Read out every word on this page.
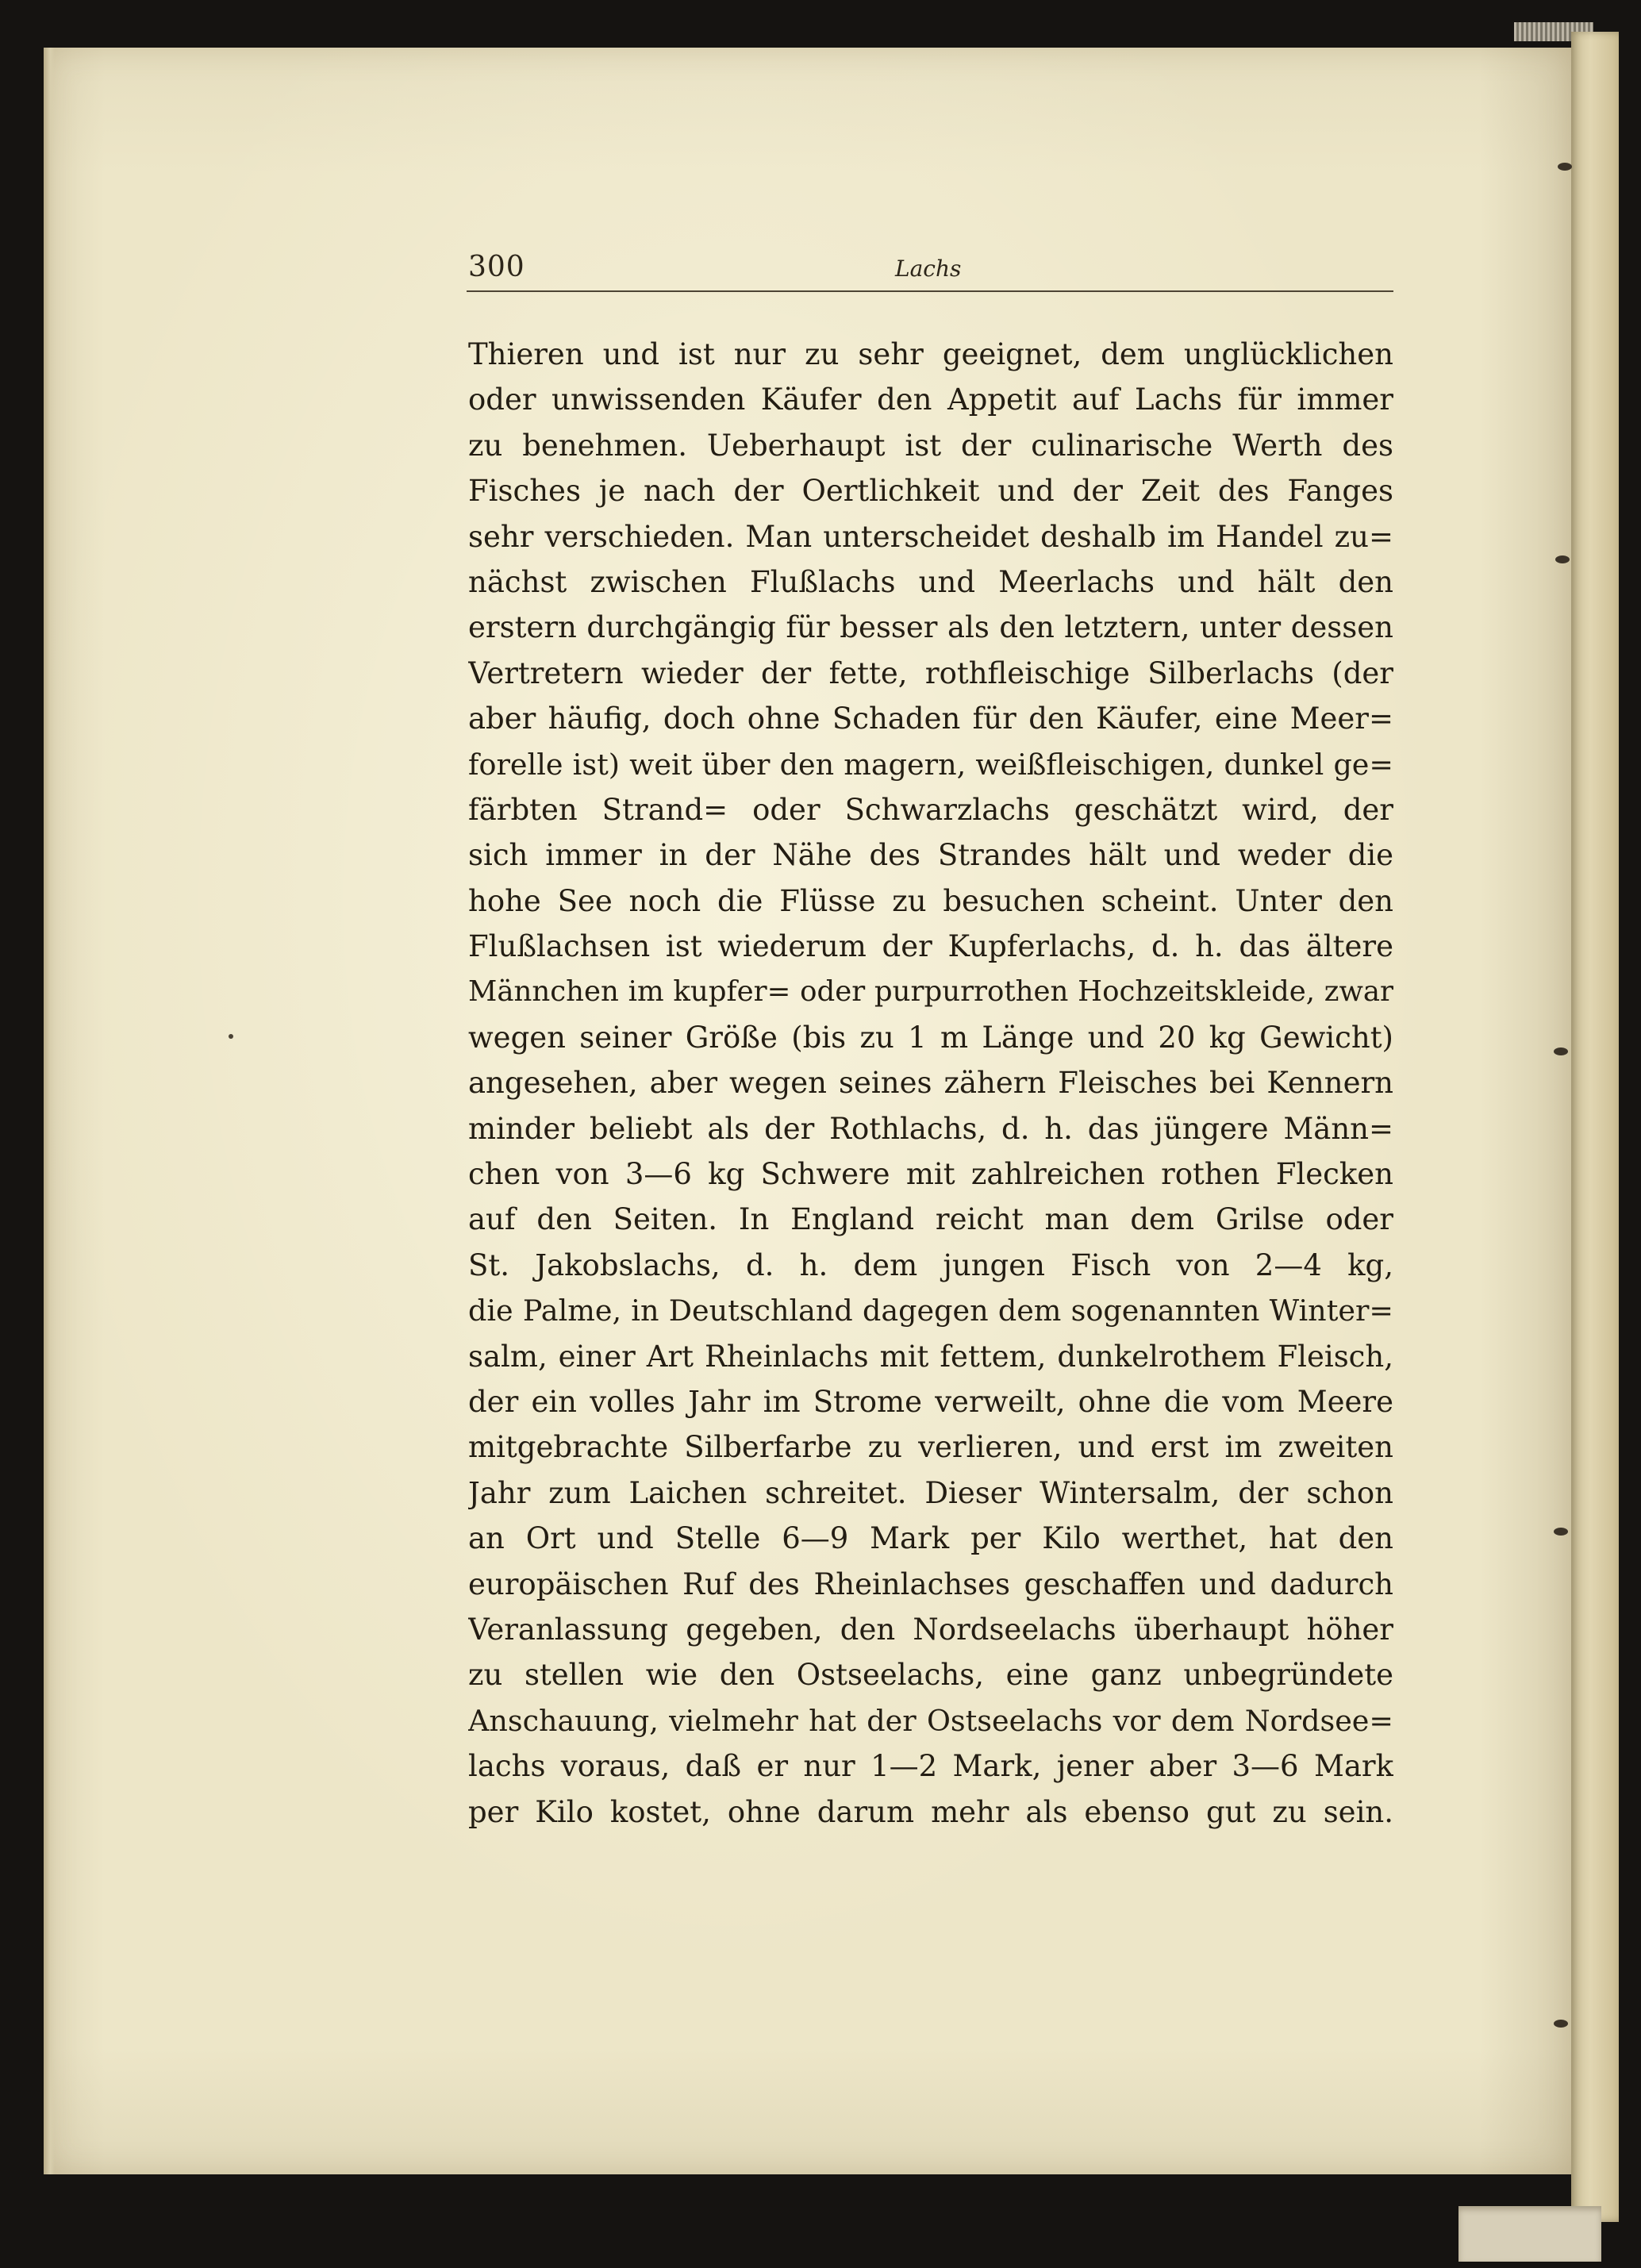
300	Lachs
Thieren und ist nur zu sehr geeignet, dem unglücklichen
oder unwissenden Käufer den Appetit auf Lachs für immer
zu benehmen. Ueberhaupt ist der culinarische Werth des
Fisches je nach der Oertlichkeit und der Zeit des Fanges
sehr verschieden. Man unterscheidet deshalb im Handel zu=
nächst zwischen Flußlachs und Meerlachs und hält den
erstern durchgängig für besser als den letztern, unter dessen
Vertretern wieder der fette, rothfleischige Silberlachs (der
aber häufig, doch ohne Schaden für den Käufer, eine Meer=
forelle ist) weit über den magern, weißfleischigen, dunkel ge=
färbten Strand= oder Schwarzlachs geschätzt wird, der
sich immer in der Nähe des Strandes hält und weder die
hohe See noch die Flüsse zu besuchen scheint. Unter den
Flußlachsen ist wiederum der Kupferlachs, d. h. das ältere
Männchen im kupfer= oder purpurrothen Hochzeitskleide, zwar
wegen seiner Größe (bis zu 1 m Länge und 20 kg Gewicht)
angesehen, aber wegen seines zähern Fleisches bei Kennern
minder beliebt als der Rothlachs, d. h. das jüngere Männ=
chen von 3—6 kg Schwere mit zahlreichen rothen Flecken
auf den Seiten. In England reicht man dem Grilse oder
St. Jakobslachs, d. h. dem jungen Fisch von 2—4 kg,
die Palme, in Deutschland dagegen dem sogenannten Winter=
salm, einer Art Rheinlachs mit fettem, dunkelrothem Fleisch,
der ein volles Jahr im Strome verweilt, ohne die vom Meere
mitgebrachte Silberfarbe zu verlieren, und erst im zweiten
Jahr zum Laichen schreitet. Dieser Wintersalm, der schon
an Ort und Stelle 6—9 Mark per Kilo werthet, hat den
europäischen Ruf des Rheinlachses geschaffen und dadurch
Veranlassung gegeben, den Nordseelachs überhaupt höher
zu stellen wie den Ostseelachs, eine ganz unbegründete
Anschauung, vielmehr hat der Ostseelachs vor dem Nordsee=
lachs voraus, daß er nur 1—2 Mark, jener aber 3—6 Mark
per Kilo kostet, ohne darum mehr als ebenso gut zu sein.
